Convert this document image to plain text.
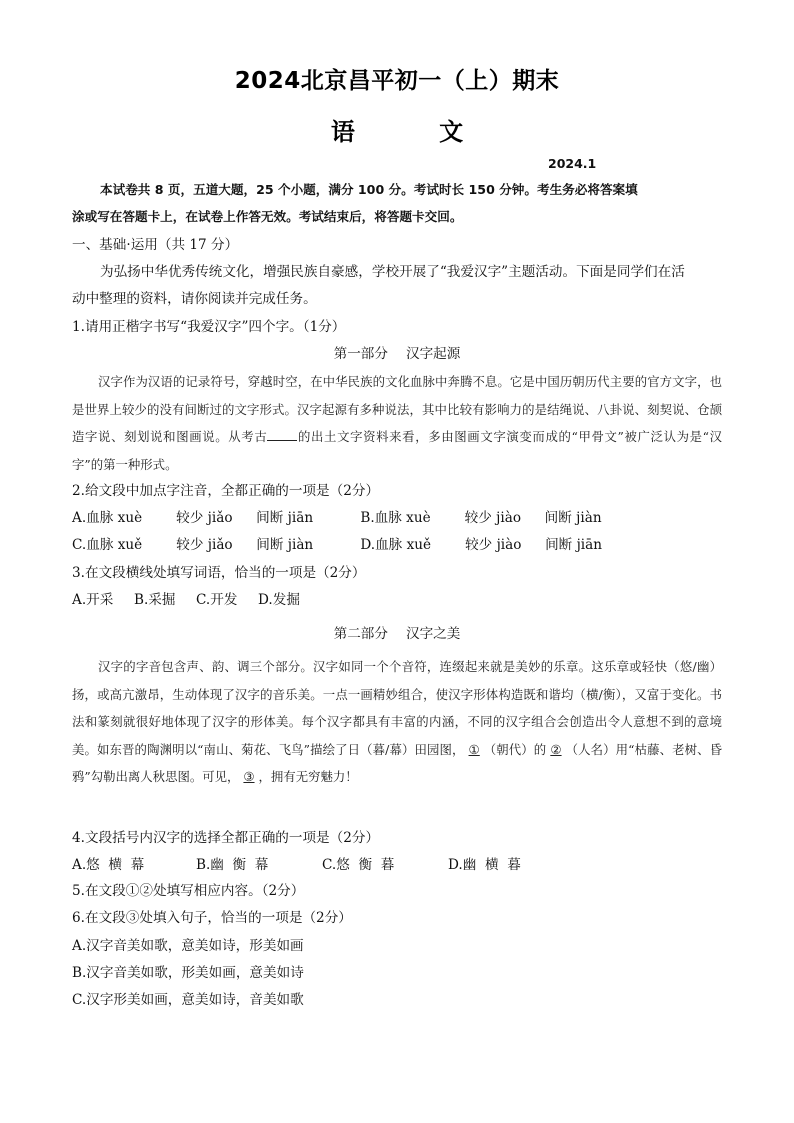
2024北京昌平初一（上）期末
语 文
2024.1
本试卷共 8 页，五道大题，25 个小题，满分 100 分。考试时长 150 分钟。考生务必将答案填
涂或写在答题卡上，在试卷上作答无效。考试结束后，将答题卡交回。
一、基础·运用（共 17 分）
为弘扬中华优秀传统文化，增强民族自豪感，学校开展了“我爱汉字”主题活动。下面是同学们在活
动中整理的资料，请你阅读并完成任务。
1.请用正楷字书写“我爱汉字”四个字。（1分）
第一部分 汉字起源
汉字作为汉语的记录符号，穿越时空，在中华民族的文化血脉中奔腾不息。它是中国历朝历代主要的官方文字，也是世界上较少的没有间断过的文字形式。汉字起源有多种说法，其中比较有影响力的是结绳说、八卦说、刻契说、仓颉造字说、刻划说和图画说。从考古 的出土文字资料来看，多由图画文字演变而成的“甲骨文”被广泛认为是“汉字”的第一种形式。
2.给文段中加点字注音，全都正确的一项是（2分）
A.血脉 xuè	较少 jiǎo 间断 jiān	B.血脉 xuè	较少 jiào 间断 jiàn
C.血脉 xuě	较少 jiǎo 间断 jiàn	D.血脉 xuě	较少 jiào 间断 jiān
3.在文段横线处填写词语，恰当的一项是（2分）
A.开采 B.采掘 C.开发 D.发掘
第二部分 汉字之美
汉字的字音包含声、韵、调三个部分。汉字如同一个个音符，连缀起来就是美妙的乐章。这乐章或轻快（悠/幽）扬，或高亢激昂，生动体现了汉字的音乐美。一点一画精妙组合，使汉字形体构造既和谐均（横/衡），又富于变化。书法和篆刻就很好地体现了汉字的形体美。每个汉字都具有丰富的内涵，不同的汉字组合会创造出令人意想不到的意境美。如东晋的陶渊明以“南山、菊花、飞鸟”描绘了日（暮/幕）田园图， ① （朝代）的 ② （人名）用“枯藤、老树、昏鸦”勾勒出离人秋思图。可见， ③ ，拥有无穷魅力！
4.文段括号内汉字的选择全都正确的一项是（2分）
A.悠  横  幕	B.幽  衡  幕	C.悠  衡  暮	D.幽  横  暮
5.在文段①②处填写相应内容。（2分）
6.在文段③处填入句子，恰当的一项是（2分）
A.汉字音美如歌，意美如诗，形美如画
B.汉字音美如歌，形美如画，意美如诗
C.汉字形美如画，意美如诗，音美如歌
